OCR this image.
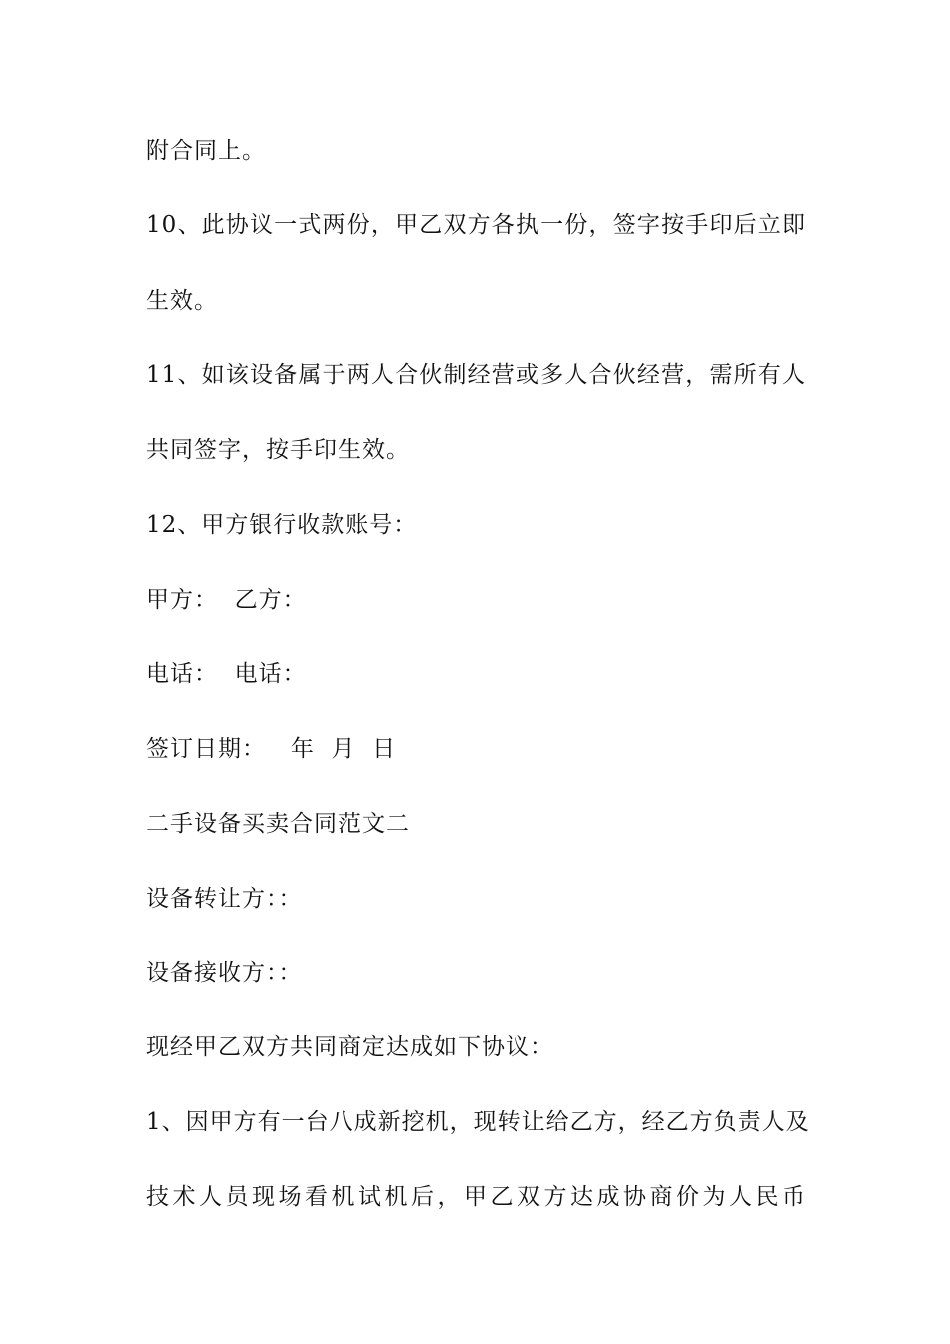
附合同上。
10、此协议一式两份，甲乙双方各执一份，签字按手印后立即
生效。
11、如该设备属于两人合伙制经营或多人合伙经营，需所有人
共同签字，按手印生效。
12、甲方银行收款账号：
甲方：  乙方：
电话：  电话：
签订日期：   年  月  日
二手设备买卖合同范文二
设备转让方：：
设备接收方：：
现经甲乙双方共同商定达成如下协议：
1、因甲方有一台八成新挖机，现转让给乙方，经乙方负责人及
技术人员现场看机试机后，甲乙双方达成协商价为人民币
